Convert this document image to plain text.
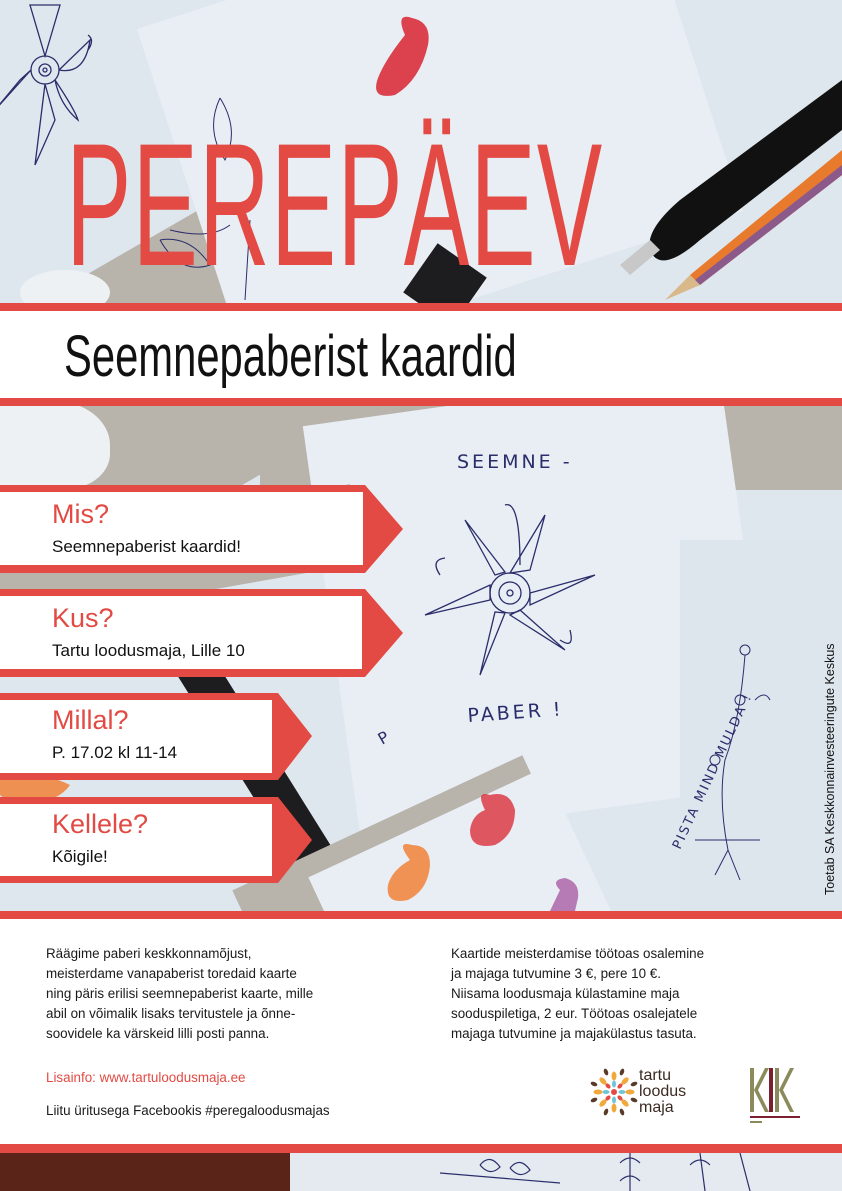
SEEMNE -
PABER !	PISTA MIND MULDA !
P
PEREPÄEV
Seemnepaberist kaardid
Mis?
Seemnepaberist kaardid!
Kus?
Tartu loodusmaja, Lille 10
Millal?
P. 17.02 kl 11-14
Kellele?
Kõigile!	Toetab SA Keskkonnainvesteeringute Keskus
Räägime paberi keskkonnamõjust,
meisterdame vanapaberist toredaid kaarte
ning päris erilisi seemnepaberist kaarte, mille
abil on võimalik lisaks tervitustele ja õnne-
soovidele ka värskeid lilli posti panna.
Kaartide meisterdamise töötoas osalemine
ja majaga tutvumine 3 €, pere 10 €.
Niisama loodusmaja külastamine maja
sooduspiletiga, 2 eur. Töötoas osalejatele
majaga tutvumine ja majakülastus tasuta.
Lisainfo: www.tartuloodusmaja.ee
Liitu üritusega Facebookis #peregaloodusmajas
tartu
loodus
maja
